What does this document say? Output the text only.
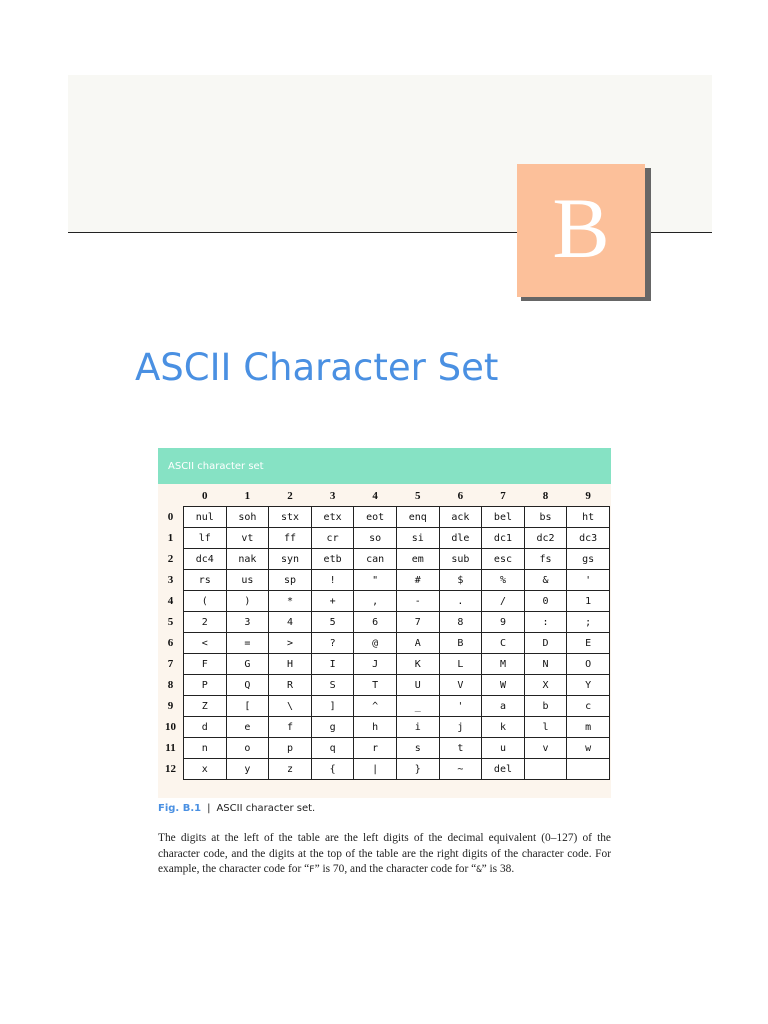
B
ASCII Character Set
ASCII character set
	0	1	2	3	4	5	6	7	8	9
0	nul	soh	stx	etx	eot	enq	ack	bel	bs	ht
1	lf	vt	ff	cr	so	si	dle	dc1	dc2	dc3
2	dc4	nak	syn	etb	can	em	sub	esc	fs	gs
3	rs	us	sp	!	"	#	$	%	&	'
4	(	)	*	+	,	-	.	/	0	1
5	2	3	4	5	6	7	8	9	:	;
6	<	=	>	?	@	A	B	C	D	E
7	F	G	H	I	J	K	L	M	N	O
8	P	Q	R	S	T	U	V	W	X	Y
9	Z	[	\	]	^	_	'	a	b	c
10	d	e	f	g	h	i	j	k	l	m
11	n	o	p	q	r	s	t	u	v	w
12	x	y	z	{	|	}	~	del		
Fig. B.1 | ASCII character set.

The digits at the left of the table are the left digits of the decimal equivalent (0–127) of the character code, and the digits at the top of the table are the right digits of the character code. For example, the character code for “F” is 70, and the character code for “&” is 38.
